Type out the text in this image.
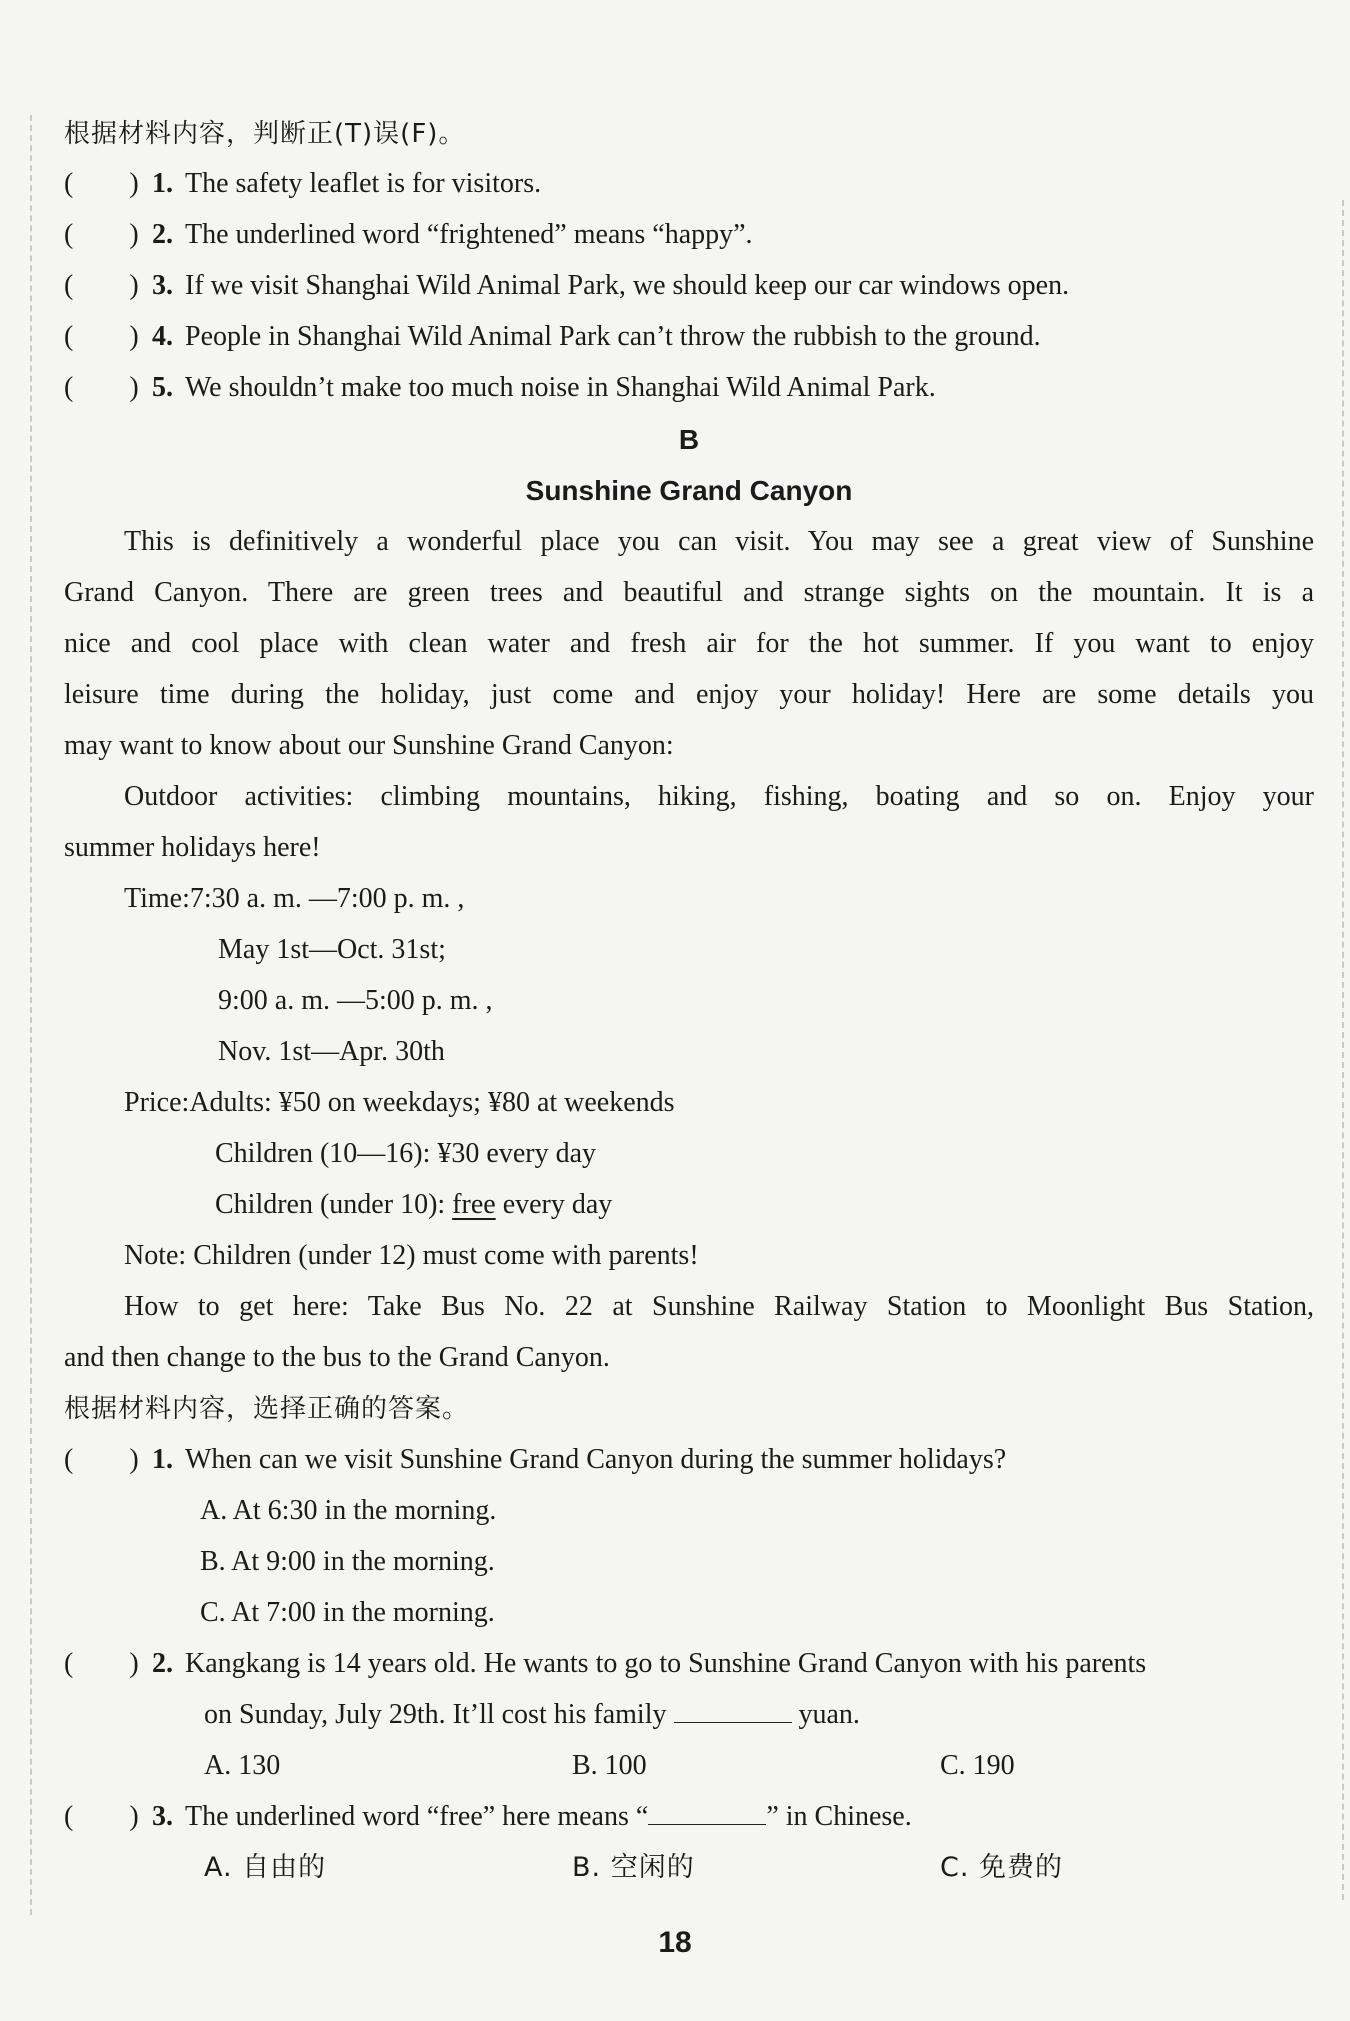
根据材料内容，判断正(T)误(F)。
(        ) 1. The safety leaflet is for visitors.
(        ) 2. The underlined word “frightened” means “happy”.
(        ) 3. If we visit Shanghai Wild Animal Park, we should keep our car windows open.
(        ) 4. People in Shanghai Wild Animal Park can’t throw the rubbish to the ground.
(        ) 5. We shouldn’t make too much noise in Shanghai Wild Animal Park.
B
Sunshine Grand Canyon
This is definitively a wonderful place you can visit. You may see a great view of Sunshine
Grand Canyon. There are green trees and beautiful and strange sights on the mountain. It is a
nice and cool place with clean water and fresh air for the hot summer. If you want to enjoy
leisure time during the holiday, just come and enjoy your holiday! Here are some details you
may want to know about our Sunshine Grand Canyon:
Outdoor activities: climbing mountains, hiking, fishing, boating and so on. Enjoy your
summer holidays here!
Time:7:30 a. m. —7:00 p. m. ,
May 1st—Oct. 31st;
9:00 a. m. —5:00 p. m. ,
Nov. 1st—Apr. 30th
Price:Adults: ¥50 on weekdays; ¥80 at weekends
Children (10—16): ¥30 every day
Children (under 10): free every day
Note: Children (under 12) must come with parents!
How to get here: Take Bus No. 22 at Sunshine Railway Station to Moonlight Bus Station,
and then change to the bus to the Grand Canyon.
根据材料内容，选择正确的答案。
(        ) 1. When can we visit Sunshine Grand Canyon during the summer holidays?
A. At 6:30 in the morning.
B. At 9:00 in the morning.
C. At 7:00 in the morning.
(        ) 2. Kangkang is 14 years old. He wants to go to Sunshine Grand Canyon with his parents
on Sunday, July 29th. It’ll cost his family	yuan.
A. 130	B. 100	C. 190
(        ) 3. The underlined word “free” here means “	” in Chinese.
A. 自由的	B. 空闲的	C. 免费的
18
